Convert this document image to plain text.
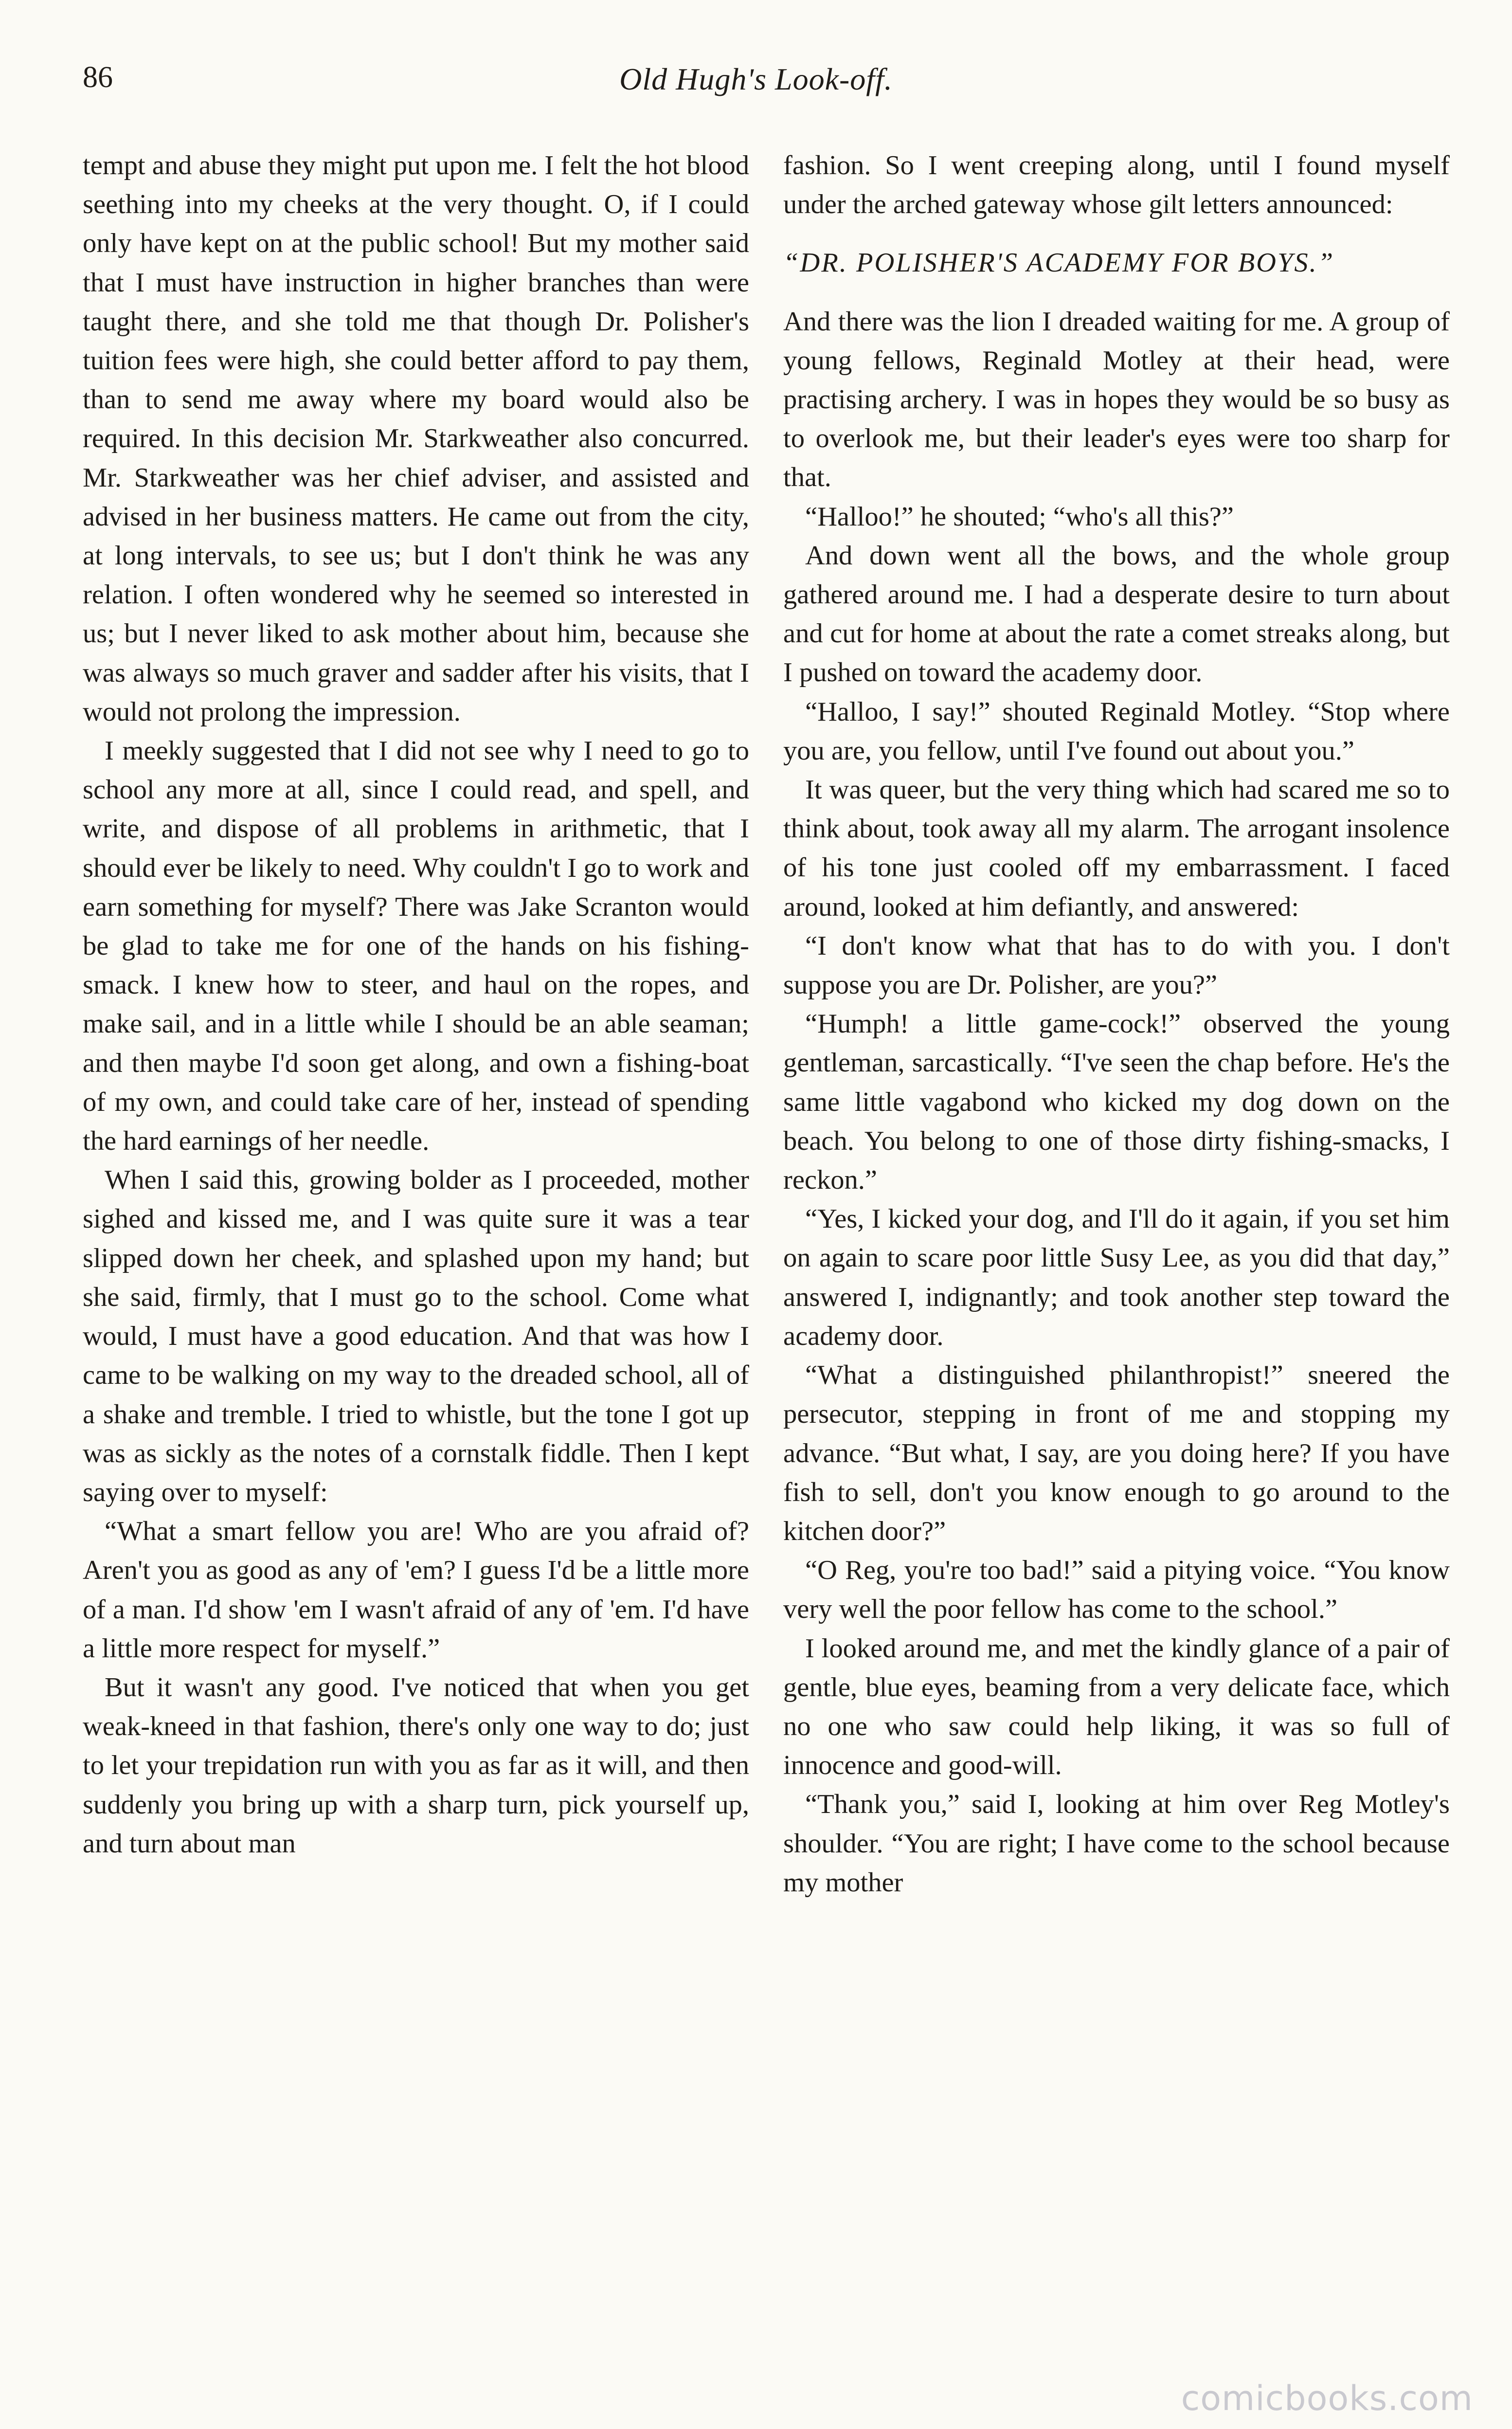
86	Old Hugh's Look-off.

tempt and abuse they might put upon me. I felt the hot blood seething into my cheeks at the very thought. O, if I could only have kept on at the public school! But my mother said that I must have instruction in higher branches than were taught there, and she told me that though Dr. Polisher's tuition fees were high, she could better afford to pay them, than to send me away where my board would also be required. In this decision Mr. Starkweather also concurred. Mr. Starkweather was her chief adviser, and assisted and advised in her business matters. He came out from the city, at long intervals, to see us; but I don't think he was any relation. I often wondered why he seemed so interested in us; but I never liked to ask mother about him, because she was always so much graver and sadder after his visits, that I would not prolong the impression.

I meekly suggested that I did not see why I need to go to school any more at all, since I could read, and spell, and write, and dispose of all problems in arithmetic, that I should ever be likely to need. Why couldn't I go to work and earn something for myself? There was Jake Scranton would be glad to take me for one of the hands on his fishing-smack. I knew how to steer, and haul on the ropes, and make sail, and in a little while I should be an able seaman; and then maybe I'd soon get along, and own a fishing-boat of my own, and could take care of her, instead of spending the hard earnings of her needle.

When I said this, growing bolder as I proceeded, mother sighed and kissed me, and I was quite sure it was a tear slipped down her cheek, and splashed upon my hand; but she said, firmly, that I must go to the school. Come what would, I must have a good education. And that was how I came to be walking on my way to the dreaded school, all of a shake and tremble. I tried to whistle, but the tone I got up was as sickly as the notes of a cornstalk fiddle. Then I kept saying over to myself:

“What a smart fellow you are! Who are you afraid of? Aren't you as good as any of 'em? I guess I'd be a little more of a man. I'd show 'em I wasn't afraid of any of 'em. I'd have a little more respect for myself.”

But it wasn't any good. I've noticed that when you get weak-kneed in that fashion, there's only one way to do; just to let your trepidation run with you as far as it will, and then suddenly you bring up with a sharp turn, pick yourself up, and turn about man

fashion. So I went creeping along, until I found myself under the arched gateway whose gilt letters announced:

“DR. POLISHER'S ACADEMY FOR BOYS.”

And there was the lion I dreaded waiting for me. A group of young fellows, Reginald Motley at their head, were practising archery. I was in hopes they would be so busy as to overlook me, but their leader's eyes were too sharp for that.

“Halloo!” he shouted; “who's all this?”

And down went all the bows, and the whole group gathered around me. I had a desperate desire to turn about and cut for home at about the rate a comet streaks along, but I pushed on toward the academy door.

“Halloo, I say!” shouted Reginald Motley. “Stop where you are, you fellow, until I've found out about you.”

It was queer, but the very thing which had scared me so to think about, took away all my alarm. The arrogant insolence of his tone just cooled off my embarrassment. I faced around, looked at him defiantly, and answered:

“I don't know what that has to do with you. I don't suppose you are Dr. Polisher, are you?”

“Humph! a little game-cock!” observed the young gentleman, sarcastically. “I've seen the chap before. He's the same little vagabond who kicked my dog down on the beach. You belong to one of those dirty fishing-smacks, I reckon.”

“Yes, I kicked your dog, and I'll do it again, if you set him on again to scare poor little Susy Lee, as you did that day,” answered I, indignantly; and took another step toward the academy door.

“What a distinguished philanthropist!” sneered the persecutor, stepping in front of me and stopping my advance. “But what, I say, are you doing here? If you have fish to sell, don't you know enough to go around to the kitchen door?”

“O Reg, you're too bad!” said a pitying voice. “You know very well the poor fellow has come to the school.”

I looked around me, and met the kindly glance of a pair of gentle, blue eyes, beaming from a very delicate face, which no one who saw could help liking, it was so full of innocence and good-will.

“Thank you,” said I, looking at him over Reg Motley's shoulder. “You are right; I have come to the school because my mother

comicbooks.com
